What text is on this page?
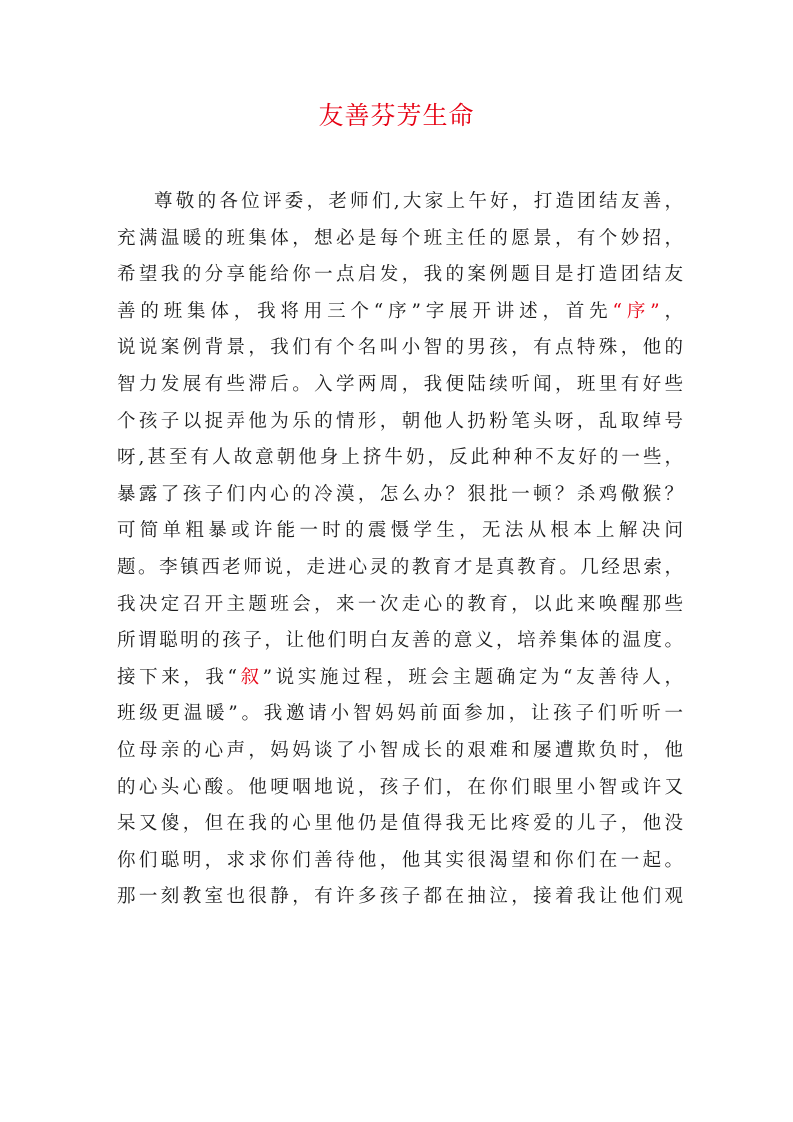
友善芬芳生命
尊敬的各位评委，老师们,大家上午好，打造团结友善，
充满温暖的班集体，想必是每个班主任的愿景，有个妙招，
希望我的分享能给你一点启发，我的案例题目是打造团结友
善的班集体，我将用三个“序”字展开讲述，首先“序”，
说说案例背景，我们有个名叫小智的男孩，有点特殊，他的
智力发展有些滞后。入学两周，我便陆续听闻，班里有好些
个孩子以捉弄他为乐的情形，朝他人扔粉笔头呀，乱取绰号
呀,甚至有人故意朝他身上挤牛奶，反此种种不友好的一些，
暴露了孩子们内心的冷漠，怎么办？狠批一顿？杀鸡儆猴？
可简单粗暴或许能一时的震慑学生，无法从根本上解决问
题。李镇西老师说，走进心灵的教育才是真教育。几经思索，
我决定召开主题班会，来一次走心的教育，以此来唤醒那些
所谓聪明的孩子，让他们明白友善的意义，培养集体的温度。
接下来，我“叙”说实施过程，班会主题确定为“友善待人，
班级更温暖”。我邀请小智妈妈前面参加，让孩子们听听一
位母亲的心声，妈妈谈了小智成长的艰难和屡遭欺负时，他
的心头心酸。他哽咽地说，孩子们，在你们眼里小智或许又
呆又傻，但在我的心里他仍是值得我无比疼爱的儿子，他没
你们聪明，求求你们善待他，他其实很渴望和你们在一起。
那一刻教室也很静，有许多孩子都在抽泣，接着我让他们观
